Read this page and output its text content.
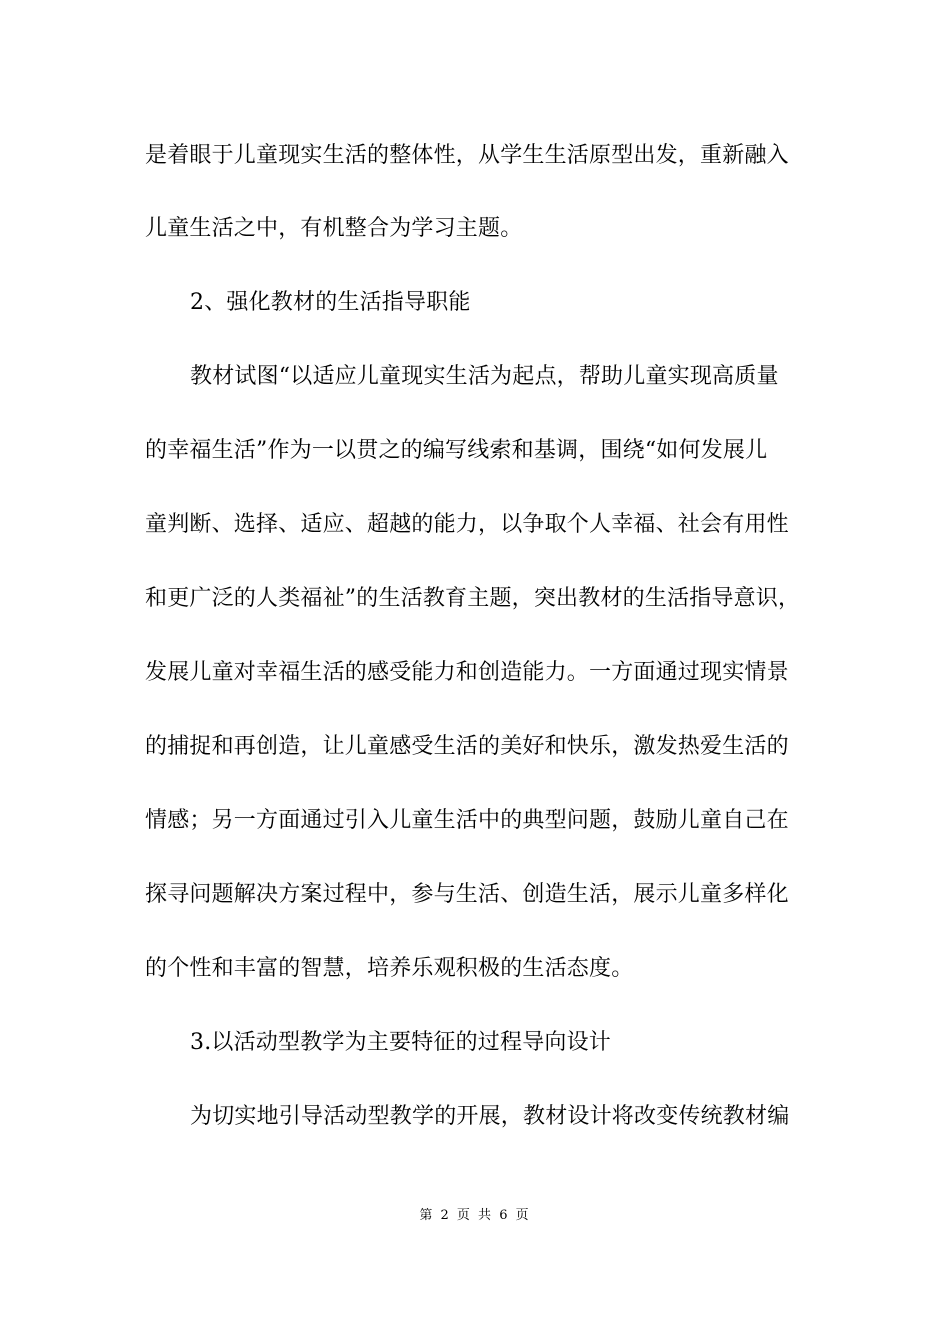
是着眼于儿童现实生活的整体性，从学生生活原型出发，重新融入
儿童生活之中，有机整合为学习主题。
2、强化教材的生活指导职能
教材试图“以适应儿童现实生活为起点，帮助儿童实现高质量
的幸福生活”作为一以贯之的编写线索和基调，围绕“如何发展儿
童判断、选择、适应、超越的能力，以争取个人幸福、社会有用性
和更广泛的人类福祉”的生活教育主题，突出教材的生活指导意识，
发展儿童对幸福生活的感受能力和创造能力。一方面通过现实情景
的捕捉和再创造，让儿童感受生活的美好和快乐，激发热爱生活的
情感；另一方面通过引入儿童生活中的典型问题，鼓励儿童自己在
探寻问题解决方案过程中，参与生活、创造生活，展示儿童多样化
的个性和丰富的智慧，培养乐观积极的生活态度。
3.以活动型教学为主要特征的过程导向设计
为切实地引导活动型教学的开展，教材设计将改变传统教材编
第 2 页 共 6 页
